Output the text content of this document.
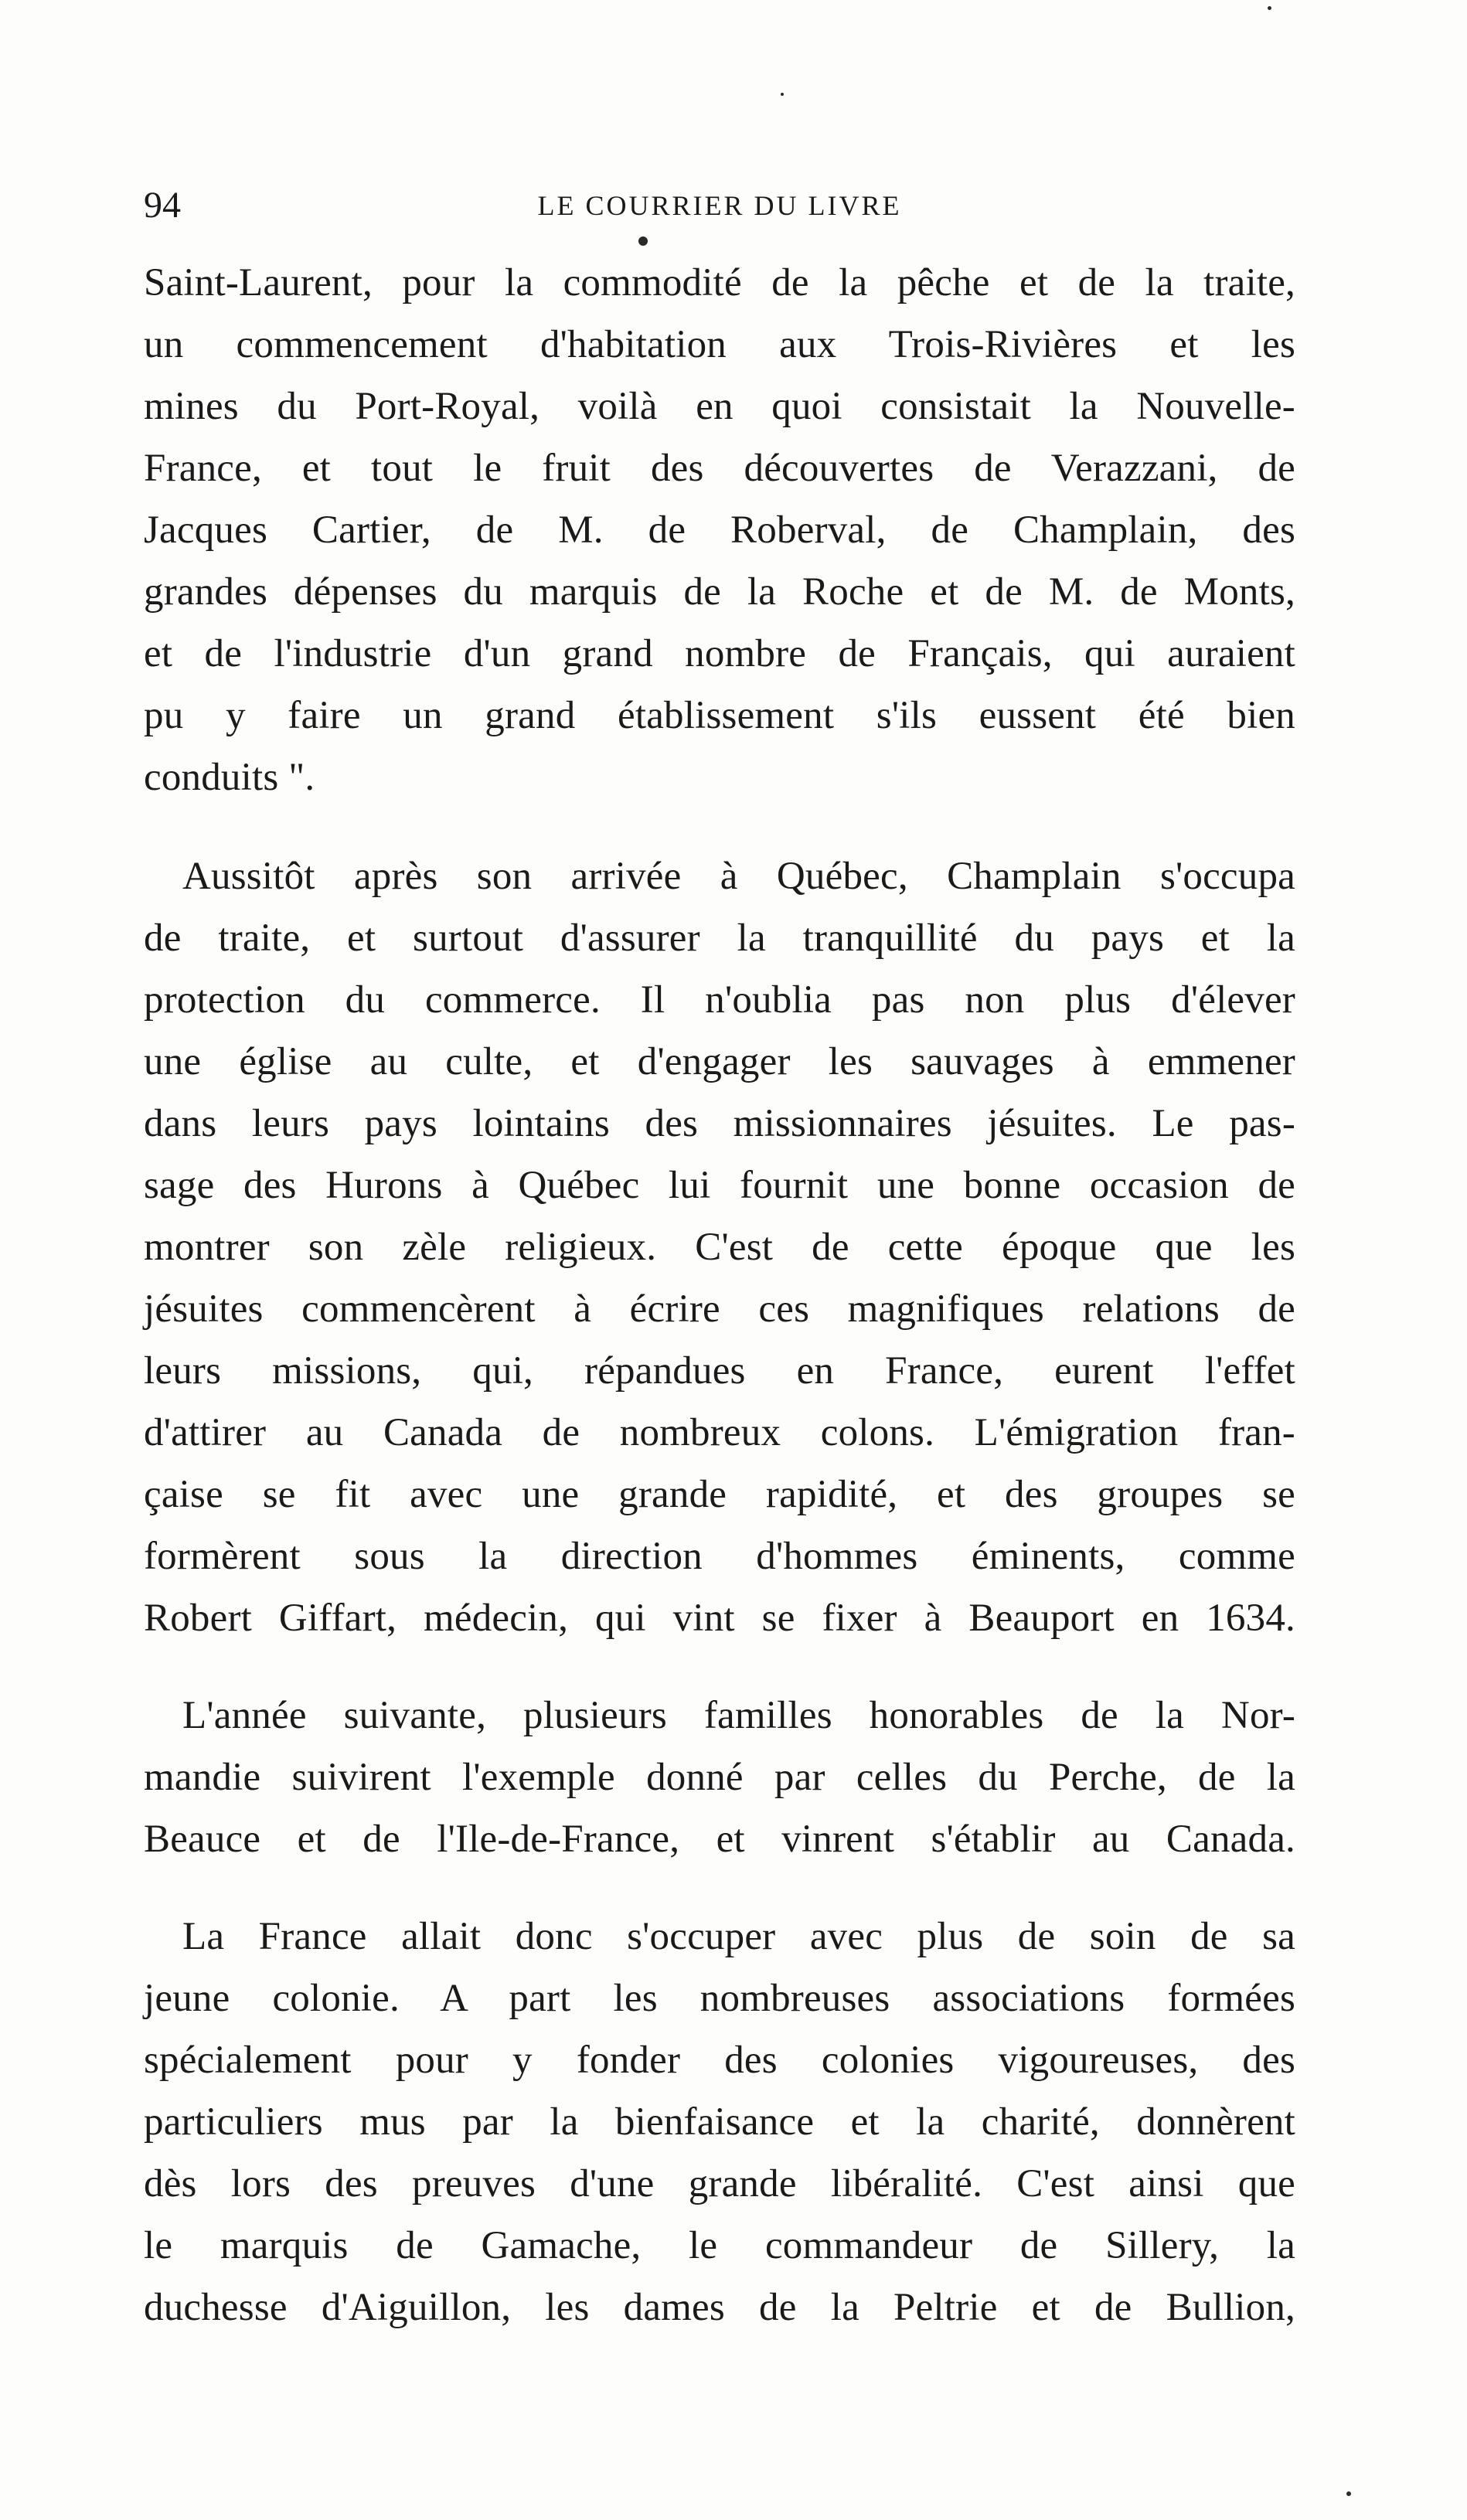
94	LE COURRIER DU LIVRE
Saint-Laurent, pour la commodité de la pêche et de la traite,
un commencement d'habitation aux Trois-Rivières et les
mines du Port-Royal, voilà en quoi consistait la Nouvelle-
France, et tout le fruit des découvertes de Verazzani, de
Jacques Cartier, de M. de Roberval, de Champlain, des
grandes dépenses du marquis de la Roche et de M. de Monts,
et de l'industrie d'un grand nombre de Français, qui auraient
pu y faire un grand établissement s'ils eussent été bien
conduits ".
Aussitôt après son arrivée à Québec, Champlain s'occupa
de traite, et surtout d'assurer la tranquillité du pays et la
protection du commerce. Il n'oublia pas non plus d'élever
une église au culte, et d'engager les sauvages à emmener
dans leurs pays lointains des missionnaires jésuites. Le pas-
sage des Hurons à Québec lui fournit une bonne occasion de
montrer son zèle religieux. C'est de cette époque que les
jésuites commencèrent à écrire ces magnifiques relations de
leurs missions, qui, répandues en France, eurent l'effet
d'attirer au Canada de nombreux colons. L'émigration fran-
çaise se fit avec une grande rapidité, et des groupes se
formèrent sous la direction d'hommes éminents, comme
Robert Giffart, médecin, qui vint se fixer à Beauport en 1634.
L'année suivante, plusieurs familles honorables de la Nor-
mandie suivirent l'exemple donné par celles du Perche, de la
Beauce et de l'Ile-de-France, et vinrent s'établir au Canada.
La France allait donc s'occuper avec plus de soin de sa
jeune colonie. A part les nombreuses associations formées
spécialement pour y fonder des colonies vigoureuses, des
particuliers mus par la bienfaisance et la charité, donnèrent
dès lors des preuves d'une grande libéralité. C'est ainsi que
le marquis de Gamache, le commandeur de Sillery, la
duchesse d'Aiguillon, les dames de la Peltrie et de Bullion,
